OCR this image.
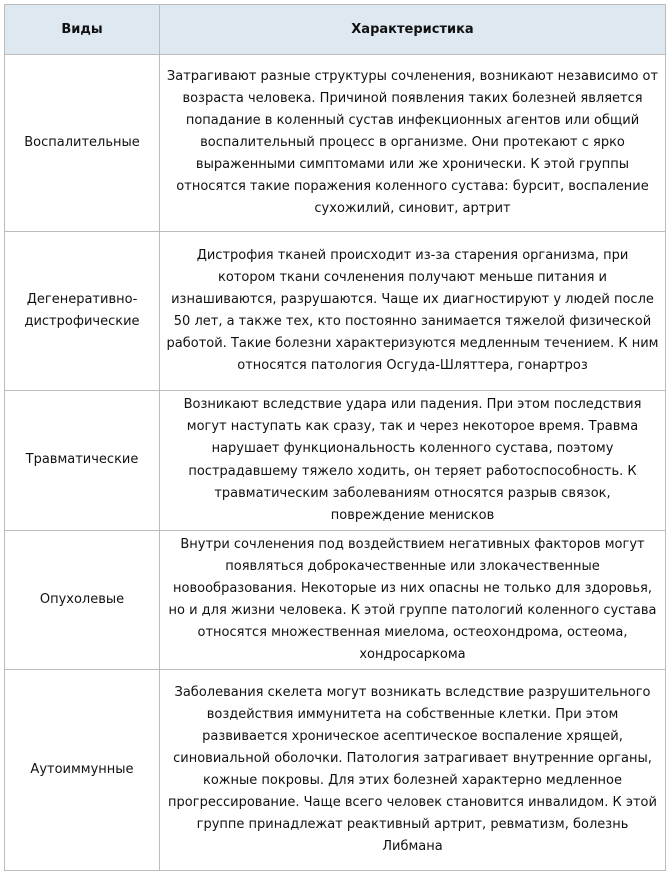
Виды	Характеристика
Воспалительные	Затрагивают разные структуры сочленения, возникают независимо от возраста человека. Причиной появления таких болезней является попадание в коленный сустав инфекционных агентов или общий воспалительный процесс в организме. Они протекают с ярко выраженными симптомами или же хронически. К этой группы относятся такие поражения коленного сустава: бурсит, воспаление сухожилий, синовит, артрит
Дегенеративно-дистрофические	Дистрофия тканей происходит из-за старения организма, при котором ткани сочленения получают меньше питания и изнашиваются, разрушаются. Чаще их диагностируют у людей после 50 лет, а также тех, кто постоянно занимается тяжелой физической работой. Такие болезни характеризуются медленным течением. К ним относятся патология Осгуда-Шляттера, гонартроз
Травматические	Возникают вследствие удара или падения. При этом последствия могут наступать как сразу, так и через некоторое время. Травма нарушает функциональность коленного сустава, поэтому пострадавшему тяжело ходить, он теряет работоспособность. К травматическим заболеваниям относятся разрыв связок, повреждение менисков
Опухолевые	Внутри сочленения под воздействием негативных факторов могут появляться доброкачественные или злокачественные новообразования. Некоторые из них опасны не только для здоровья, но и для жизни человека. К этой группе патологий коленного сустава относятся множественная миелома, остеохондрома, остеома, хондросаркома
Аутоиммунные	Заболевания скелета могут возникать вследствие разрушительного воздействия иммунитета на собственные клетки. При этом развивается хроническое асептическое воспаление хрящей, синовиальной оболочки. Патология затрагивает внутренние органы, кожные покровы. Для этих болезней характерно медленное прогрессирование. Чаще всего человек становится инвалидом. К этой группе принадлежат реактивный артрит, ревматизм, болезнь Либмана
